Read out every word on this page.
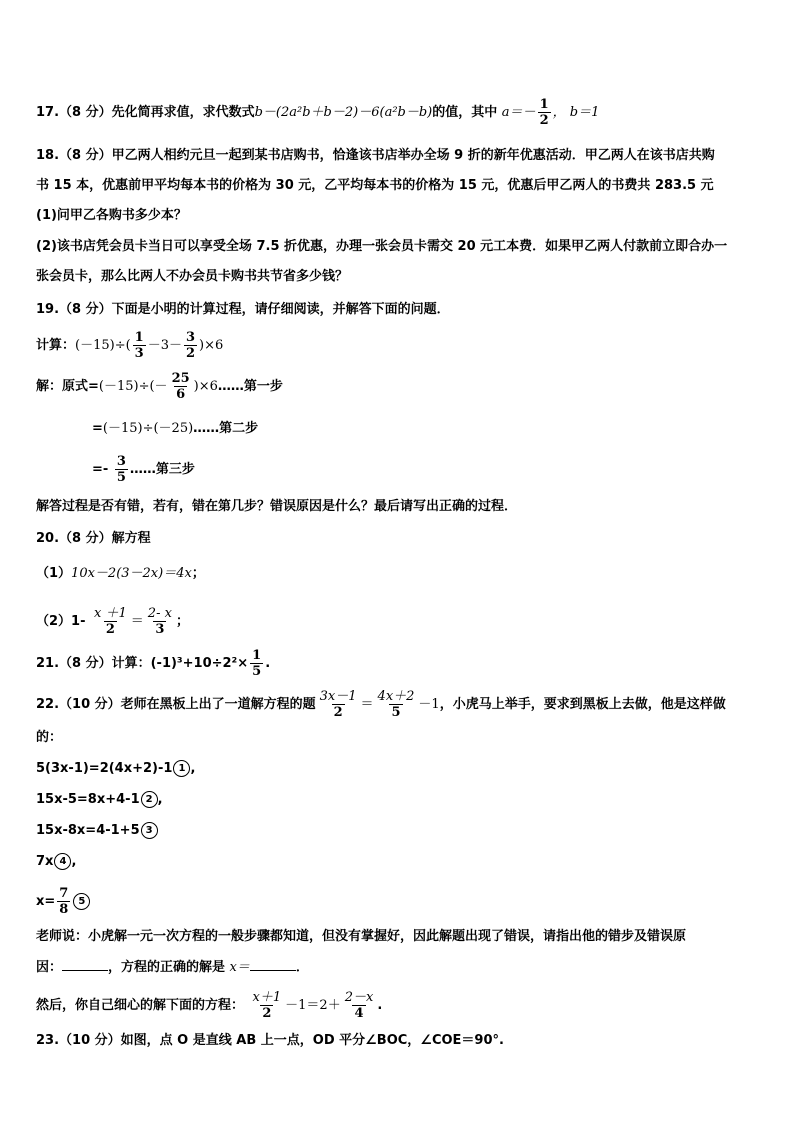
17.（8 分）先化简再求值，求代数式b－(2a²b＋b－2)－6(a²b－b)的值，其中 $a=- \frac{1}{2}$ ， b＝1
18.（8 分）甲乙两人相约元旦一起到某书店购书，恰逢该书店举办全场 9 折的新年优惠活动．甲乙两人在该书店共购
书 15 本，优惠前甲平均每本书的价格为 30 元，乙平均每本书的价格为 15 元，优惠后甲乙两人的书费共 283.5 元
(1)问甲乙各购书多少本？
(2)该书店凭会员卡当日可以享受全场 7.5 折优惠，办理一张会员卡需交 20 元工本费．如果甲乙两人付款前立即合办一
张会员卡，那么比两人不办会员卡购书共节省多少钱？
19.（8 分）下面是小明的计算过程，请仔细阅读，并解答下面的问题．
计算：$(-15)\div( \frac{1}{3} -3- \frac{3}{2} )\times 6$
解：原式$=(-15)\div(- \frac{25}{6}$ )×6……第一步
=(－15)÷(－25)……第二步
=- $\frac{3}{5}$ ……第三步
解答过程是否有错，若有，错在第几步？错误原因是什么？最后请写出正确的过程．
20.（8 分）解方程
（1）10x－2(3－2x)＝4x；
$(2)1- \frac{x +1}{2} = \frac{2- x}{3}$ ；
21.（8 分）计算：$(-1)^3+10\div 2^2\times \frac{1}{5}$ .
22.（10 分）老师在黑板上出了一道解方程的题 $\frac{3x-1}{2} = \frac{4x+2}{5} -1$，小虎马上举手，要求到黑板上去做，他是这样做
的：
5(3x-1)=2(4x+2)-1 1 ,
15x-5=8x+4-1 2 ,
15x-8x=4-1+5 3
7x 4 ,
$x= \frac{7}{8} 5$
老师说：小虎解一元一次方程的一般步骤都知道，但没有掌握好，因此解题出现了错误，请指出他的错步及错误原
因：	，方程的正确的解是 x＝	．
然后，你自己细心的解下面的方程： $\frac{x+1}{2} -1=2+ \frac{2-x}{4}$ .
23.（10 分）如图，点 O 是直线 AB 上一点，OD 平分∠BOC，∠COE＝90°.
